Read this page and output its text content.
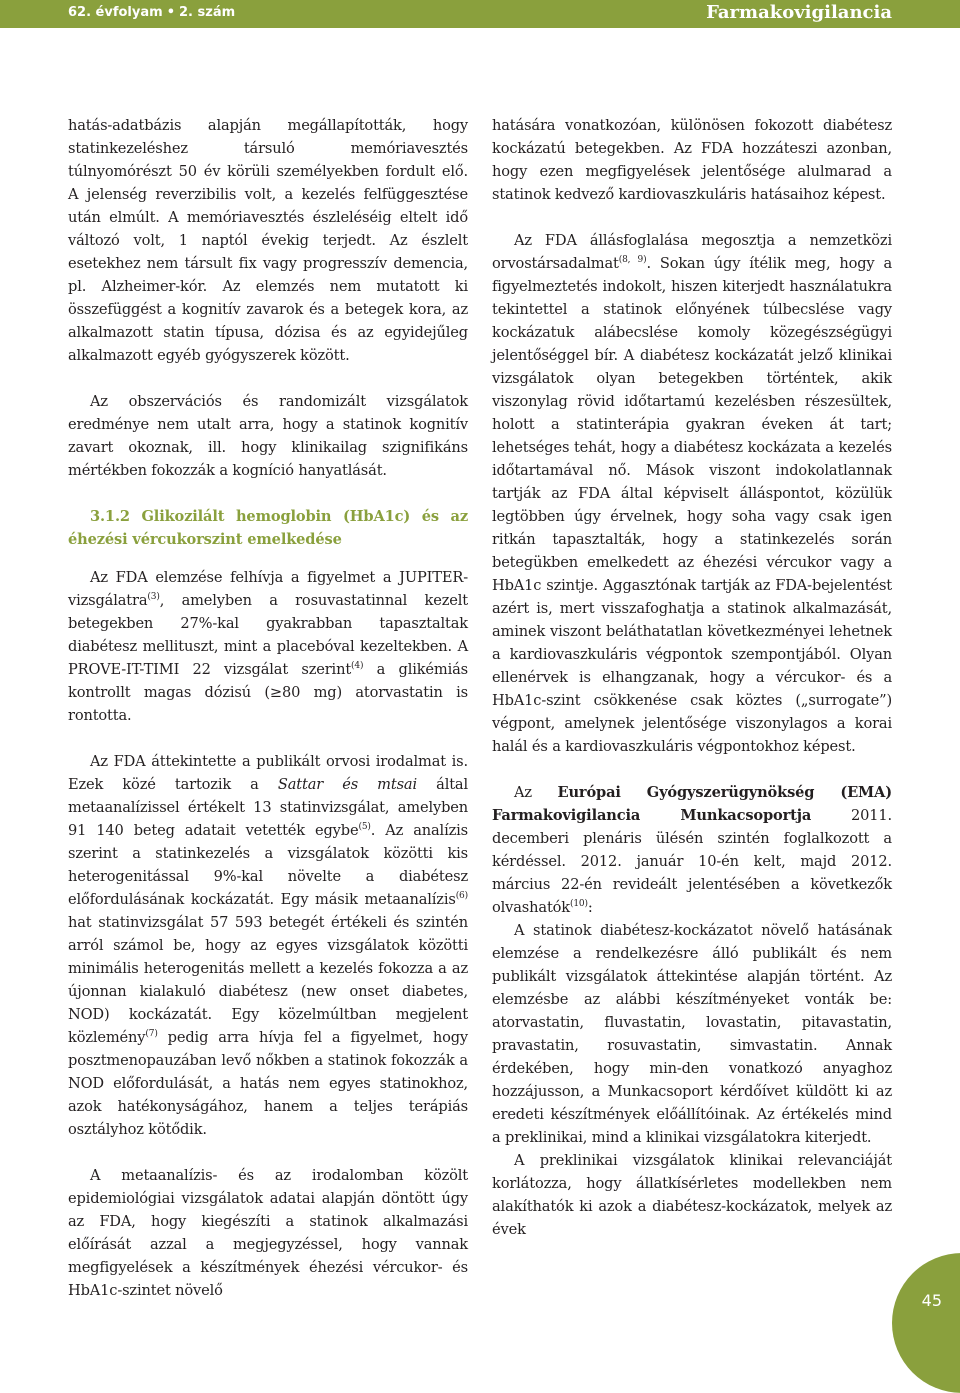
62. évfolyam • 2. szám	Farmakovigilancia

hatás-adatbázis alapján megállapították, hogy statinkezeléshez társuló memóriavesztés túlnyomórészt 50 év körüli személyekben fordult elő. A jelenség reverzibilis volt, a kezelés felfüggesztése után elmúlt. A memóriavesztés észleléséig eltelt idő változó volt, 1 naptól évekig terjedt. Az észlelt esetekhez nem társult fix vagy progresszív demencia, pl. Alzheimer-kór. Az elemzés nem mutatott ki összefüggést a kognitív zavarok és a betegek kora, az alkalmazott statin típusa, dózisa és az egyidejűleg alkalmazott egyéb gyógyszerek között.

Az obszervációs és randomizált vizsgálatok eredménye nem utalt arra, hogy a statinok kognitív zavart okoznak, ill. hogy klinikailag szignifikáns mértékben fokozzák a kogníció hanyatlását.

3.1.2 Glikozilált hemoglobin (HbA1c) és az éhezési vércukorszint emelkedése

Az FDA elemzése felhívja a figyelmet a JUPITER-vizsgálatra$^{(3)}$, amelyben a rosuvastatinnal kezelt betegekben 27%-kal gyakrabban tapasztaltak diabétesz mellituszt, mint a placebóval kezeltekben. A PROVE-IT-TIMI 22 vizsgálat szerint$^{(4)}$ a glikémiás kontrollt magas dózisú (≥80 mg) atorvastatin is rontotta.

Az FDA áttekintette a publikált orvosi irodalmat is. Ezek közé tartozik a Sattar és mtsai által metaanalízissel értékelt 13 statinvizsgálat, amelyben 91 140 beteg adatait vetették egybe$^{(5)}$. Az analízis szerint a statinkezelés a vizsgálatok közötti kis heterogenitással 9%-kal növelte a diabétesz előfordulásának kockázatát. Egy másik metaanalízis$^{(6)}$ hat statinvizsgálat 57 593 betegét értékeli és szintén arról számol be, hogy az egyes vizsgálatok közötti minimális heterogenitás mellett a kezelés fokozza a az újonnan kialakuló diabétesz (new onset diabetes, NOD) kockázatát. Egy közelmúltban megjelent közlemény$^{(7)}$ pedig arra hívja fel a figyelmet, hogy posztmenopauzában levő nőkben a statinok fokozzák a NOD előfordulását, a hatás nem egyes statinokhoz, azok hatékonyságához, hanem a teljes terápiás osztályhoz kötődik.

A metaanalízis- és az irodalomban közölt epidemiológiai vizsgálatok adatai alapján döntött úgy az FDA, hogy kiegészíti a statinok alkalmazási előírását azzal a megjegyzéssel, hogy vannak megfigyelések a készítmények éhezési vércukor- és HbA1c-szintet növelő

hatására vonatkozóan, különösen fokozott diabétesz kockázatú betegekben. Az FDA hozzáteszi azonban, hogy ezen megfigyelések jelentősége alulmarad a statinok kedvező kardiovaszkuláris hatásaihoz képest.

Az FDA állásfoglalása megosztja a nemzetközi orvostársadalmat$^{(8, 9)}$. Sokan úgy ítélik meg, hogy a figyelmeztetés indokolt, hiszen kiterjedt használatukra tekintettel a statinok előnyének túlbecslése vagy kockázatuk alábecslése komoly közegészségügyi jelentőséggel bír. A diabétesz kockázatát jelző klinikai vizsgálatok olyan betegekben történtek, akik viszonylag rövid időtartamú kezelésben részesültek, holott a statinterápia gyakran éveken át tart; lehetséges tehát, hogy a diabétesz kockázata a kezelés időtartamával nő. Mások viszont indokolatlannak tartják az FDA által képviselt álláspontot, közülük legtöbben úgy érvelnek, hogy soha vagy csak igen ritkán tapasztalták, hogy a statinkezelés során betegükben emelkedett az éhezési vércukor vagy a HbA1c szintje. Aggasztónak tartják az FDA-bejelentést azért is, mert visszafoghatja a statinok alkalmazását, aminek viszont beláthatatlan következményei lehetnek a kardiovaszkuláris végpontok szempontjából. Olyan ellenérvek is elhangzanak, hogy a vércukor- és a HbA1c-szint csökkenése csak köztes („surrogate”) végpont, amelynek jelentősége viszonylagos a korai halál és a kardiovaszkuláris végpontokhoz képest.

Az Európai Gyógyszerügynökség (EMA) Farmakovigilancia Munkacsoportja 2011. decemberi plenáris ülésén szintén foglalkozott a kérdéssel. 2012. január 10-én kelt, majd 2012. március 22-én revideált jelentésében a következők olvashatók$^{(10)}$:

A statinok diabétesz-kockázatot növelő hatásának elemzése a rendelkezésre álló publikált és nem publikált vizsgálatok áttekintése alapján történt. Az elemzésbe az alábbi készítményeket vonták be: atorvastatin, fluvastatin, lovastatin, pitavastatin, pravastatin, rosuvastatin, simvastatin. Annak érdekében, hogy min-den vonatkozó anyaghoz hozzájusson, a Munkacsoport kérdőívet küldött ki az eredeti készítmények előállítóinak. Az értékelés mind a preklinikai, mind a klinikai vizsgálatokra kiterjedt.

A preklinikai vizsgálatok klinikai relevanciáját korlátozza, hogy állatkísérletes modellekben nem alakíthatók ki azok a diabétesz-kockázatok, melyek az évek

45
